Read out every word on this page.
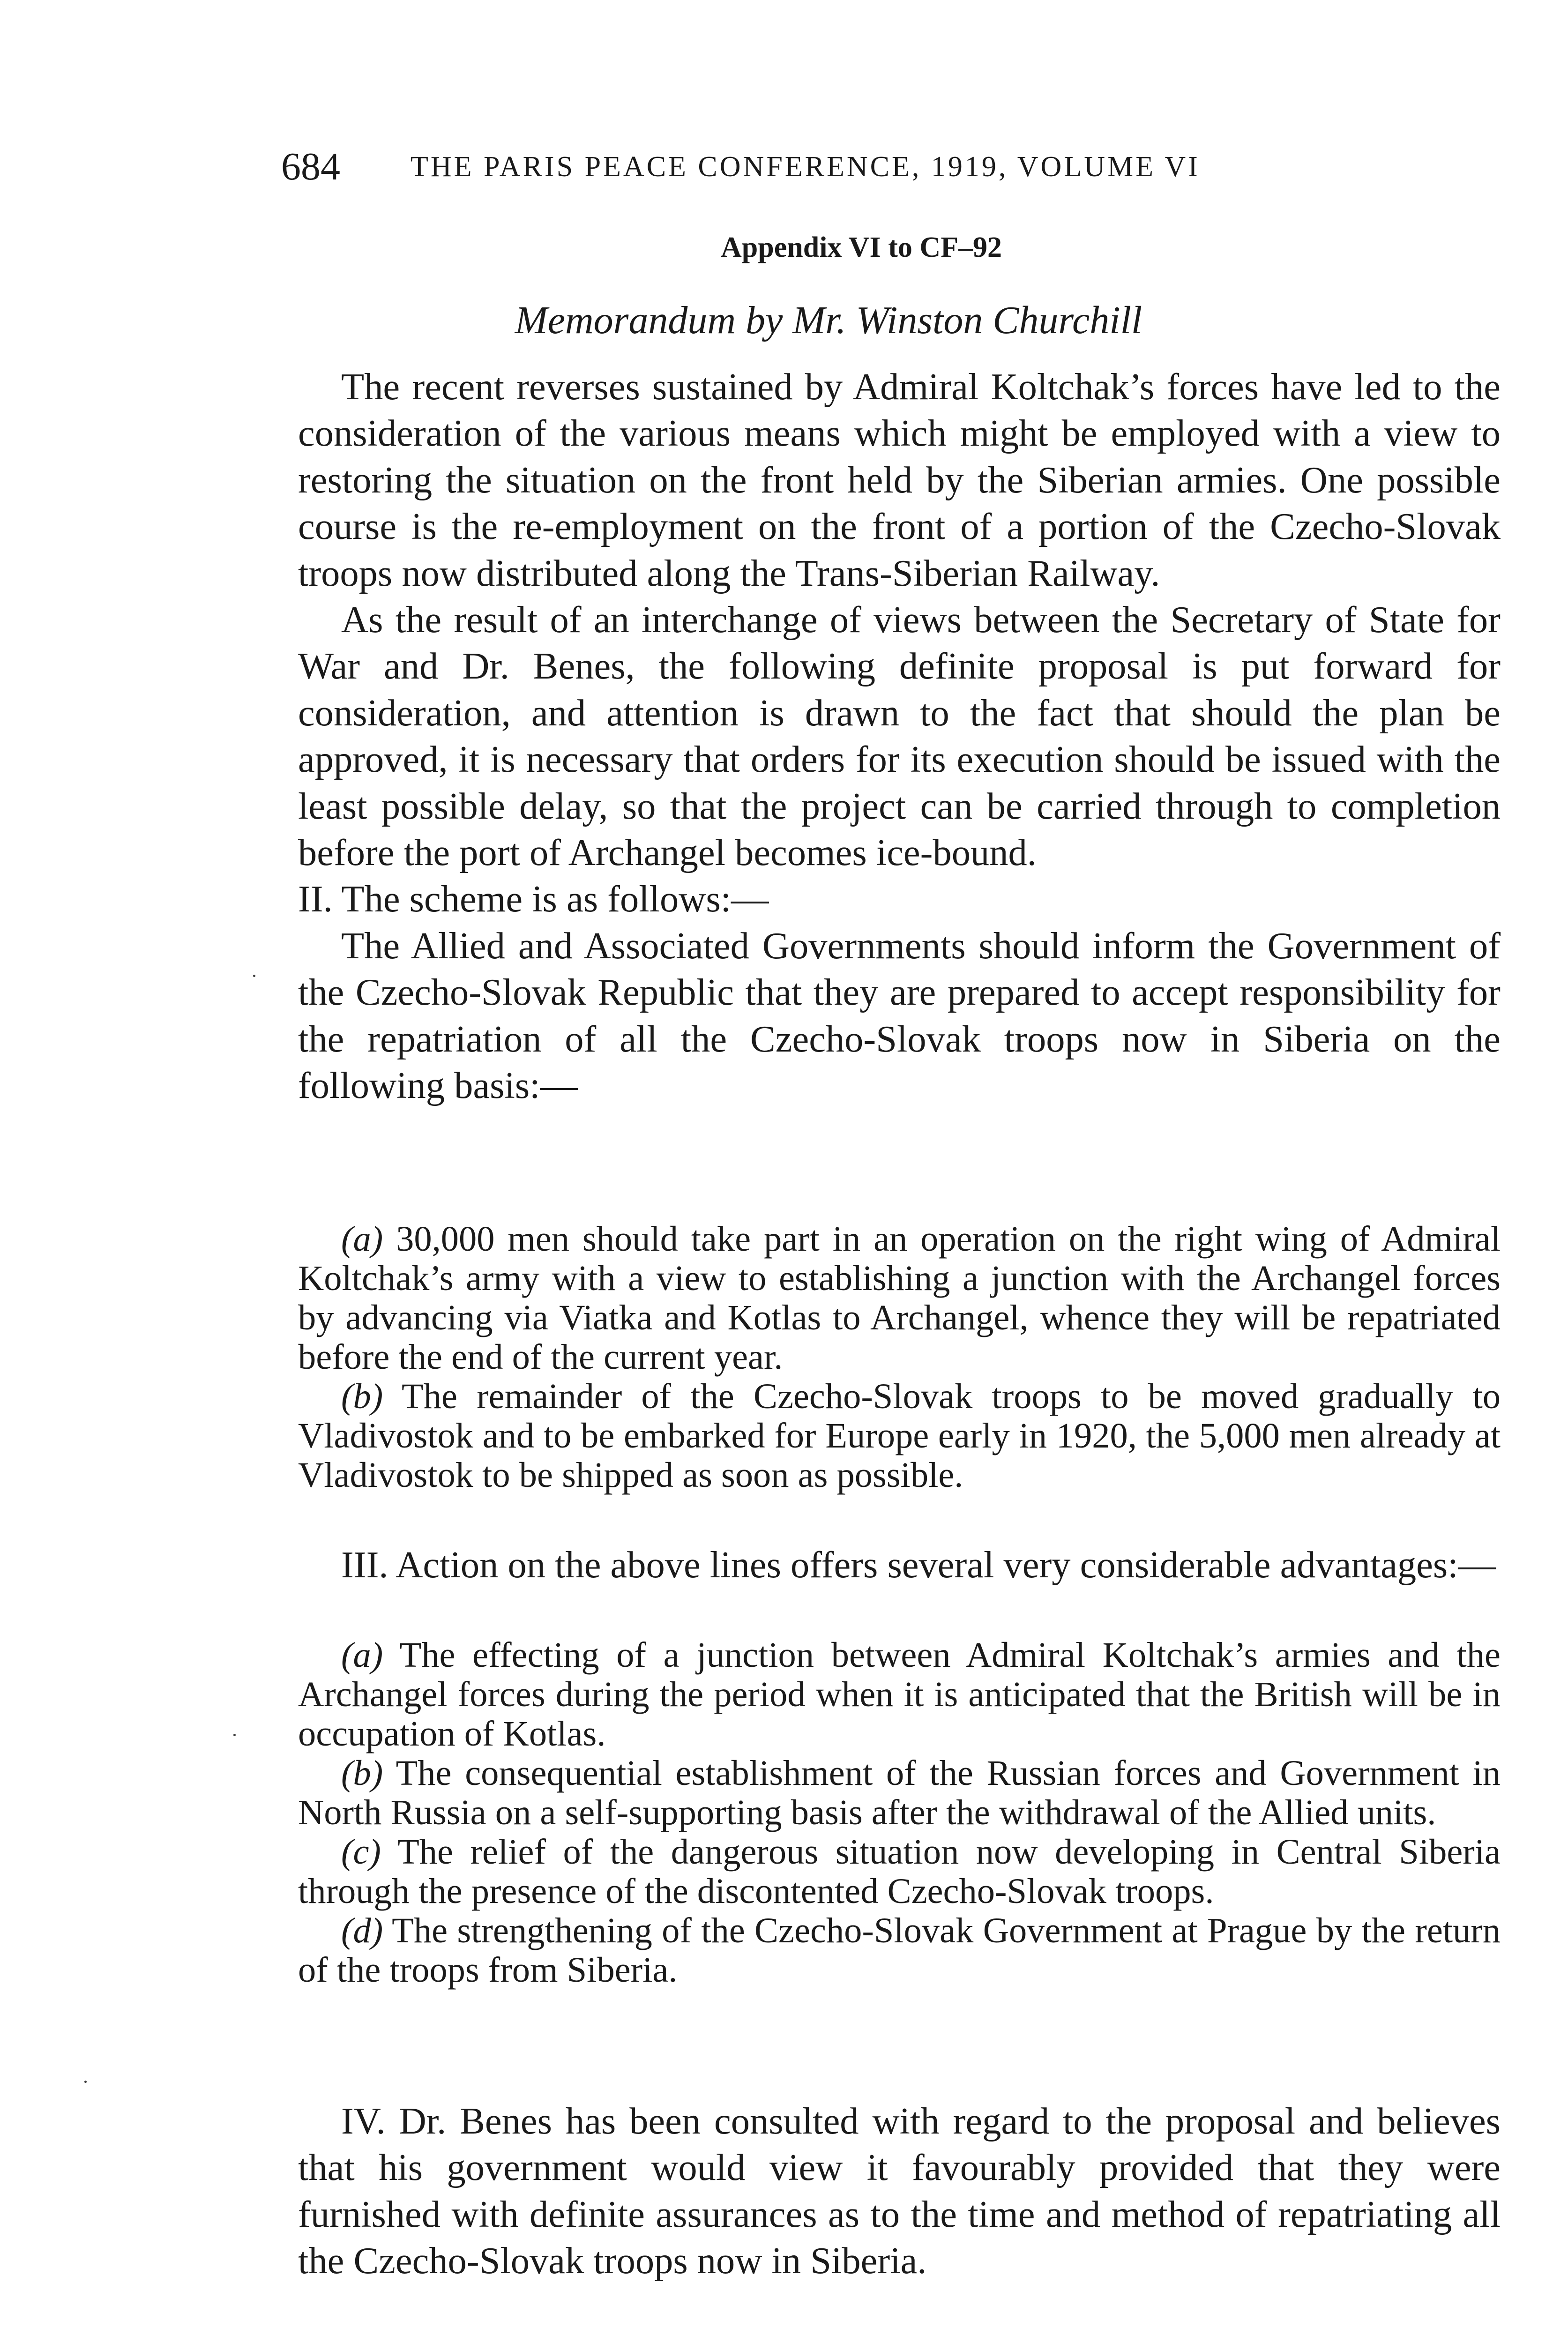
684 THE PARIS PEACE CONFERENCE, 1919, VOLUME VI
Appendix VI to CF–92
Memorandum by Mr. Winston Churchill

The recent reverses sustained by Admiral Koltchak’s forces have led to the consideration of the various means which might be employed with a view to restoring the situation on the front held by the Siberian armies. One possible course is the re-employment on the front of a portion of the Czecho-Slovak troops now distributed along the Trans-Siberian Railway.

As the result of an interchange of views between the Secretary of State for War and Dr. Benes, the following definite proposal is put forward for consideration, and attention is drawn to the fact that should the plan be approved, it is necessary that orders for its execution should be issued with the least possible delay, so that the project can be carried through to completion before the port of Archangel becomes ice-bound.

II. The scheme is as follows:—

The Allied and Associated Governments should inform the Government of the Czecho-Slovak Republic that they are prepared to accept responsibility for the repatriation of all the Czecho-Slovak troops now in Siberia on the following basis:—

(a) 30,000 men should take part in an operation on the right wing of Admiral Koltchak’s army with a view to establishing a junction with the Archangel forces by advancing via Viatka and Kotlas to Archangel, whence they will be repatriated before the end of the current year.

(b) The remainder of the Czecho-Slovak troops to be moved gradually to Vladivostok and to be embarked for Europe early in 1920, the 5,000 men already at Vladivostok to be shipped as soon as possible.

III. Action on the above lines offers several very considerable advantages:—

(a) The effecting of a junction between Admiral Koltchak’s armies and the Archangel forces during the period when it is anticipated that the British will be in occupation of Kotlas.

(b) The consequential establishment of the Russian forces and Government in North Russia on a self-supporting basis after the withdrawal of the Allied units.

(c) The relief of the dangerous situation now developing in Central Siberia through the presence of the discontented Czecho-Slovak troops.

(d) The strengthening of the Czecho-Slovak Government at Prague by the return of the troops from Siberia.

IV. Dr. Benes has been consulted with regard to the proposal and believes that his government would view it favourably provided that they were furnished with definite assurances as to the time and method of repatriating all the Czecho-Slovak troops now in Siberia.
